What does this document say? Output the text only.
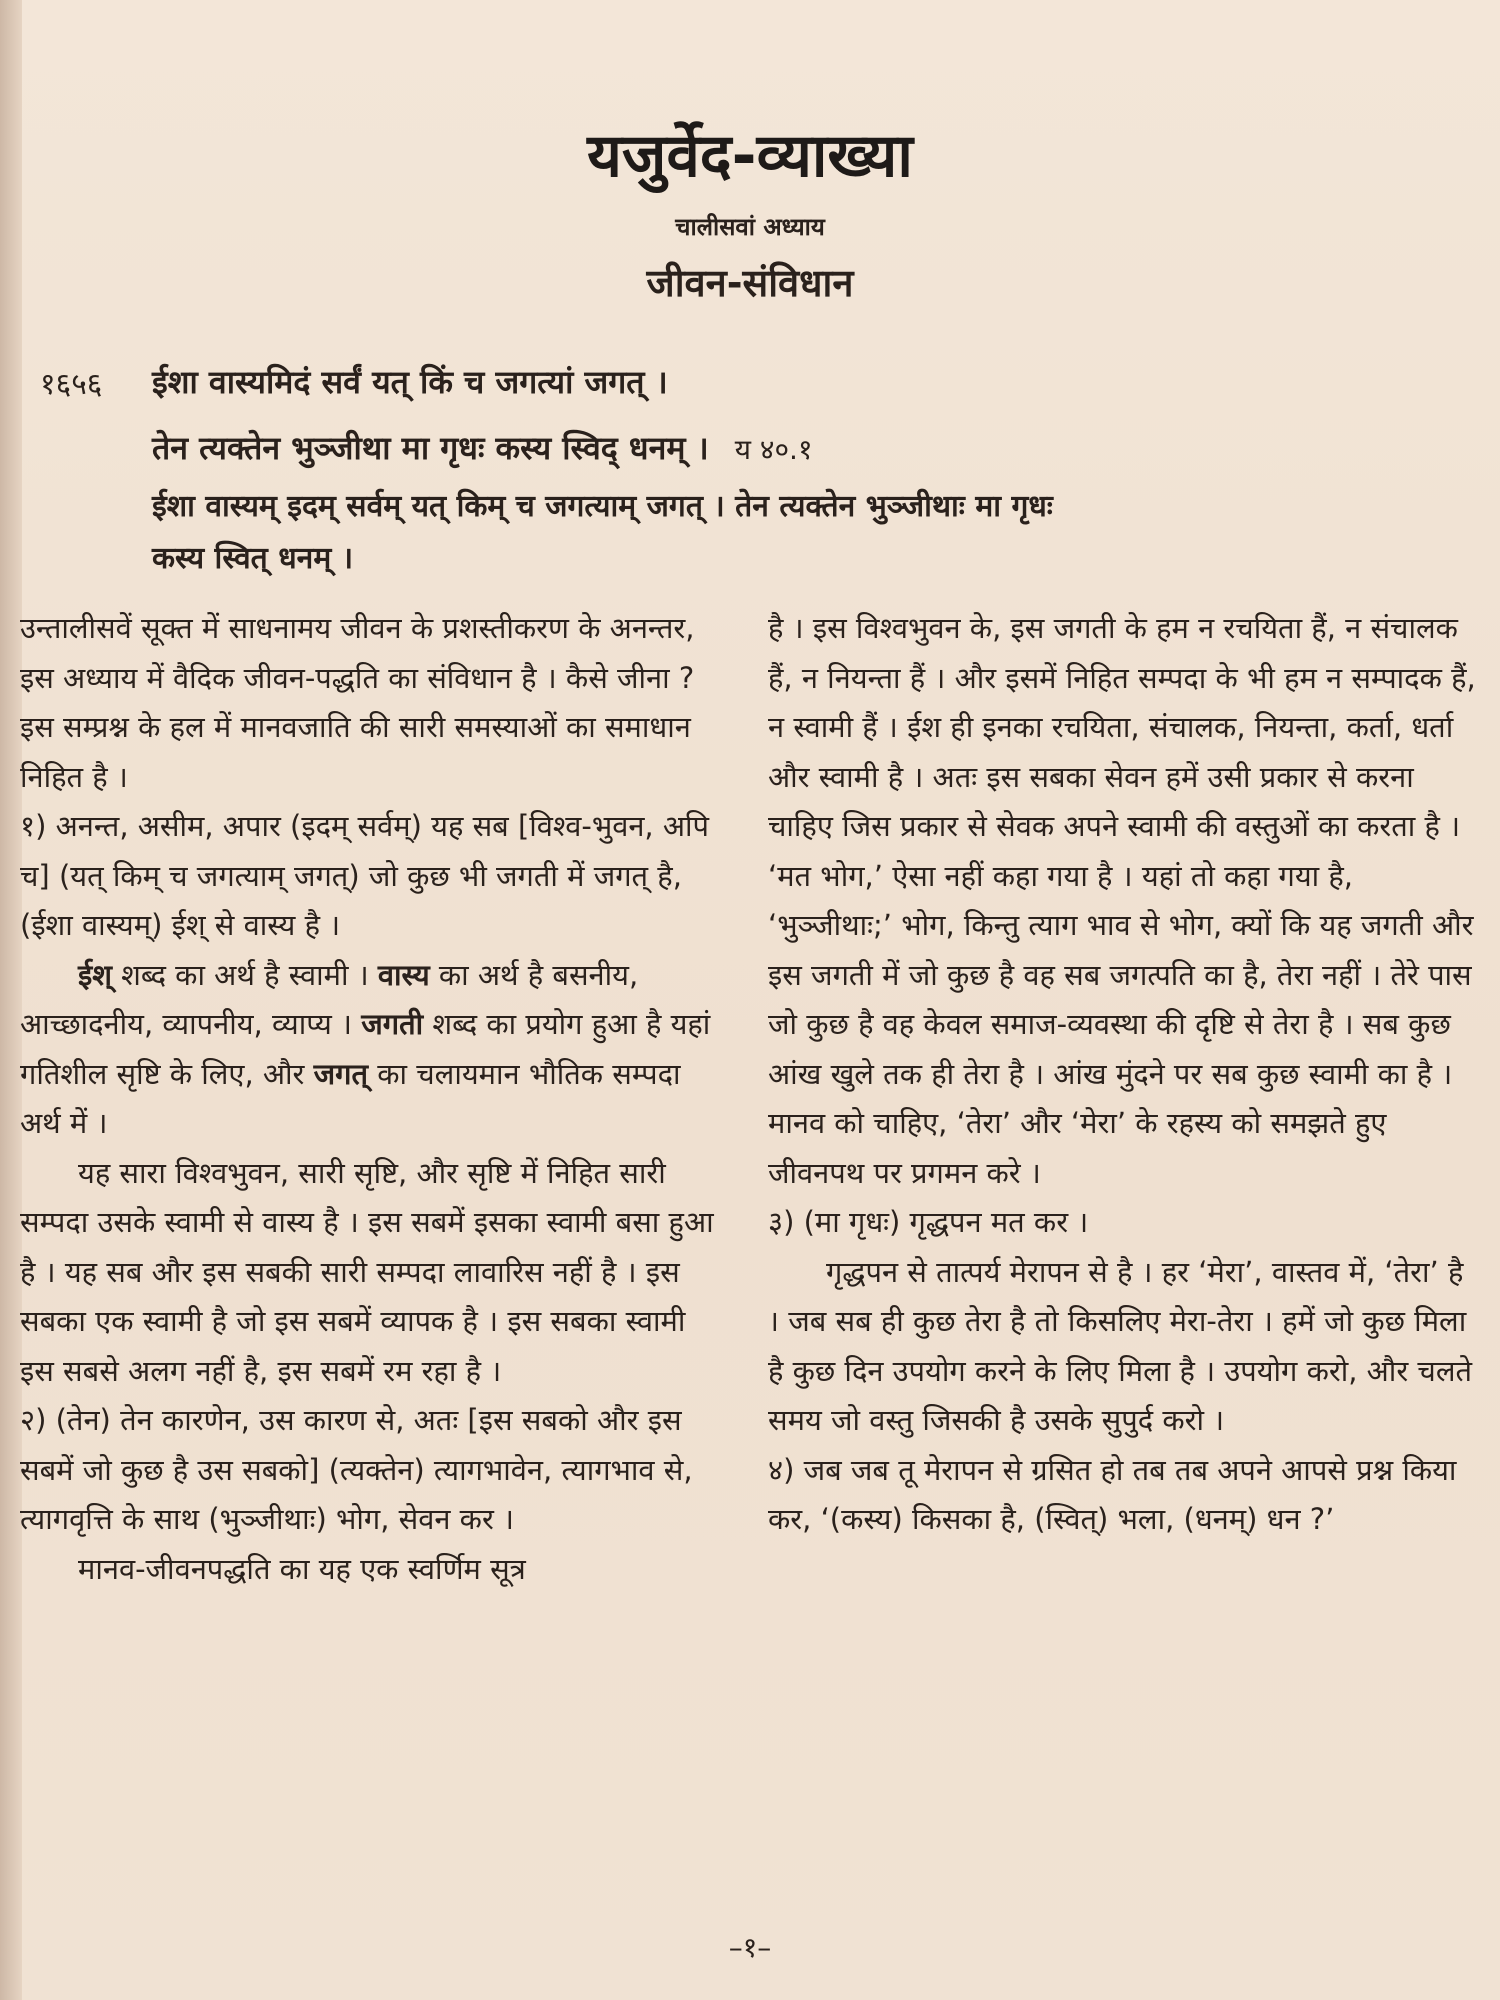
यजुर्वेद-व्याख्या
चालीसवां अध्याय
जीवन-संविधान
१६५६ ईशा वास्यमिदं सर्वं यत् किं च जगत्यां जगत् ।
तेन त्यक्तेन भुञ्जीथा मा गृधः कस्य स्विद् धनम् । य ४०.१
ईशा वास्यम् इदम् सर्वम् यत् किम् च जगत्याम् जगत् । तेन त्यक्तेन भुञ्जीथाः मा गृधः
कस्य स्वित् धनम् ।

उन्तालीसवें सूक्त में साधनामय जीवन के प्रशस्तीकरण के अनन्तर, इस अध्याय में वैदिक जीवन-पद्धति का संविधान है । कैसे जीना ? इस सम्प्रश्न के हल में मानवजाति की सारी समस्याओं का समाधान निहित है ।

१) अनन्त, असीम, अपार (इदम् सर्वम्) यह सब [विश्व-भुवन, अपि च] (यत् किम् च जगत्याम् जगत्) जो कुछ भी जगती में जगत् है, (ईशा वास्यम्) ईश् से वास्य है ।

ईश् शब्द का अर्थ है स्वामी । वास्य का अर्थ है बसनीय, आच्छादनीय, व्यापनीय, व्याप्य । जगती शब्द का प्रयोग हुआ है यहां गतिशील सृष्टि के लिए, और जगत् का चलायमान भौतिक सम्पदा अर्थ में ।

यह सारा विश्वभुवन, सारी सृष्टि, और सृष्टि में निहित सारी सम्पदा उसके स्वामी से वास्य है । इस सबमें इसका स्वामी बसा हुआ है । यह सब और इस सबकी सारी सम्पदा लावारिस नहीं है । इस सबका एक स्वामी है जो इस सबमें व्यापक है । इस सबका स्वामी इस सबसे अलग नहीं है, इस सबमें रम रहा है ।

२) (तेन) तेन कारणेन, उस कारण से, अतः [इस सबको और इस सबमें जो कुछ है उस सबको] (त्यक्तेन) त्यागभावेन, त्यागभाव से, त्यागवृत्ति के साथ (भुञ्जीथाः) भोग, सेवन कर ।

मानव-जीवनपद्धति का यह एक स्वर्णिम सूत्र

है । इस विश्वभुवन के, इस जगती के हम न रचयिता हैं, न संचालक हैं, न नियन्ता हैं । और इसमें निहित सम्पदा के भी हम न सम्पादक हैं, न स्वामी हैं । ईश ही इनका रचयिता, संचालक, नियन्ता, कर्ता, धर्ता और स्वामी है । अतः इस सबका सेवन हमें उसी प्रकार से करना चाहिए जिस प्रकार से सेवक अपने स्वामी की वस्तुओं का करता है । ‘मत भोग,’ ऐसा नहीं कहा गया है । यहां तो कहा गया है, ‘भुञ्जीथाः;’ भोग, किन्तु त्याग भाव से भोग, क्यों कि यह जगती और इस जगती में जो कुछ है वह सब जगत्पति का है, तेरा नहीं । तेरे पास जो कुछ है वह केवल समाज-व्यवस्था की दृष्टि से तेरा है । सब कुछ आंख खुले तक ही तेरा है । आंख मुंदने पर सब कुछ स्वामी का है । मानव को चाहिए, ‘तेरा’ और ‘मेरा’ के रहस्य को समझते हुए जीवनपथ पर प्रगमन करे ।

३) (मा गृधः) गृद्धपन मत कर ।

गृद्धपन से तात्पर्य मेरापन से है । हर ‘मेरा’, वास्तव में, ‘तेरा’ है । जब सब ही कुछ तेरा है तो किसलिए मेरा-तेरा । हमें जो कुछ मिला है कुछ दिन उपयोग करने के लिए मिला है । उपयोग करो, और चलते समय जो वस्तु जिसकी है उसके सुपुर्द करो ।

४) जब जब तू मेरापन से ग्रसित हो तब तब अपने आपसे प्रश्न किया कर, ‘(कस्य) किसका है, (स्वित्) भला, (धनम्) धन ?’

–१–
